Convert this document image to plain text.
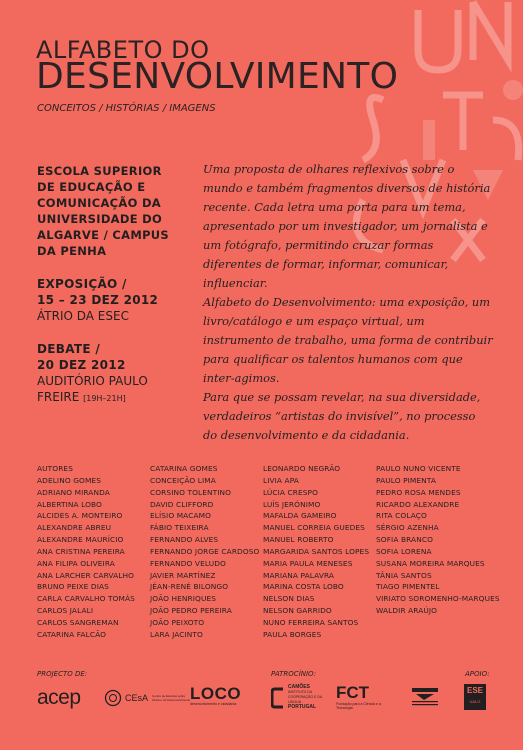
ALFABETO DO
DESENVOLVIMENTO
CONCEITOS / HISTÓRIAS / IMAGENS

ESCOLA SUPERIOR

DE EDUCAÇÃO E

COMUNICAÇÃO DA

UNIVERSIDADE DO

ALGARVE / CAMPUS

DA PENHA

EXPOSIÇÃO /

15 – 23 DEZ 2012

ÁTRIO DA ESEC

DEBATE /

20 DEZ 2012

AUDITÓRIO PAULO

FREIRE [19H–21H]

Uma proposta de olhares reflexivos sobre o mundo e também fragmentos diversos de história recente. Cada letra uma porta para um tema, apresentado por um investigador, um jornalista e um fotógrafo, permitindo cruzar formas diferentes de formar, informar, comunicar, influenciar.

Alfabeto do Desenvolvimento: uma exposição, um livro/catálogo e um espaço virtual, um instrumento de trabalho, uma forma de contribuir para qualificar os talentos humanos com que inter-agimos.

Para que se possam revelar, na sua diversidade, verdadeiros “artistas do invisível”, no processo do desenvolvimento e da cidadania.

AUTORES
ADELINO GOMES
ADRIANO MIRANDA
ALBERTINA LOBO
ALCIDES A. MONTEIRO
ALEXANDRE ABREU
ALEXANDRE MAURÍCIO
ANA CRISTINA PEREIRA
ANA FILIPA OLIVEIRA
ANA LARCHER CARVALHO
BRUNO PEIXE DIAS
CARLA CARVALHO TOMÁS
CARLOS JALALI
CARLOS SANGREMAN
CATARINA FALCÃO
CATARINA GOMES
CONCEIÇÃO LIMA
CORSINO TOLENTINO
DAVID CLIFFORD
ELÍSIO MACAMO
FÁBIO TEIXEIRA
FERNANDO ALVES
FERNANDO JORGE CARDOSO
FERNANDO VELUDO
JAVIER MARTÍNEZ
JÉAN-RENÉ BILONGO
JOÃO HENRIQUES
JOÃO PEDRO PEREIRA
JOÃO PEIXOTO
LARA JACINTO
LEONARDO NEGRÃO
LIVIA APA
LÚCIA CRESPO
LUÍS JERÓNIMO
MAFALDA GAMEIRO
MANUEL CORREIA GUEDES
MANUEL ROBERTO
MARGARIDA SANTOS LOPES
MARIA PAULA MENESES
MARIANA PALAVRA
MARINA COSTA LOBO
NELSON DIAS
NELSON GARRIDO
NUNO FERREIRA SANTOS
PAULA BORGES
PAULO NUNO VICENTE
PAULO PIMENTA
PEDRO ROSA MENDES
RICARDO ALEXANDRE
RITA COLAÇO
SÉRGIO AZENHA
SOFIA BRANCO
SOFIA LORENA
SUSANA MOREIRA MARQUES
TÂNIA SANTOS
TIAGO PIMENTEL
VIRIATO SOROMENHO-MARQUES
WALDIR ARAÚJO
PROJECTO DE:	PATROCÍNIO:	APOIO:
acep	CEsA Centro de Estudos sobre África e do Desenvolvimento LOCO
desenvolvimento e cidadania
CAMÕES
INSTITUTO DA COOPERAÇÃO E DA LÍNGUA
PORTUGAL
FCT
Fundação para a Ciência e a Tecnologia
ESE
UALG
